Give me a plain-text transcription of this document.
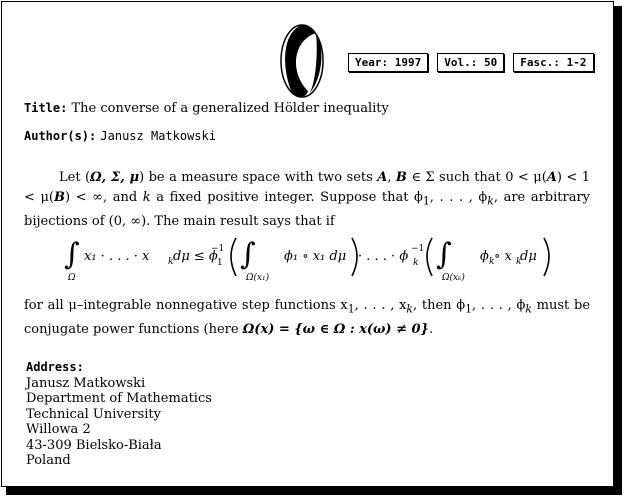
Year: 1997	Vol.: 50	Fasc.: 1-2
Title: The converse of a generalized Hölder inequality
Author(s): Janusz Matkowski

Let (Ω, Σ, μ) be a measure space with two sets A, B ∈ Σ such that 0 < μ(A) < 1 < μ(B) < ∞, and k a fixed positive integer. Suppose that $\phi_1$, . . . , $\phi_k$, are arbitrary bijections of (0, ∞). The main result says that if

∫
Ω
x₁ · . . . · x k dμ ≤ ϕ 1
−1 ∫
Ω(x₁)
ϕ₁ ∘ x₁ dμ · . . . · ϕ k
−1 ∫
Ω(xₖ)
ϕ k ∘ x k
dμ

for all μ–integrable nonnegative step functions $x_1$, . . . , $x_k$, then $\phi_1$, . . . , $\phi_k$ must be conjugate power functions (here Ω(x) = {ω ∈ Ω : x(ω) ≠ 0}.

Address:
Janusz Matkowski
Department of Mathematics
Technical University
Willowa 2
43-309 Bielsko-Biała
Poland
